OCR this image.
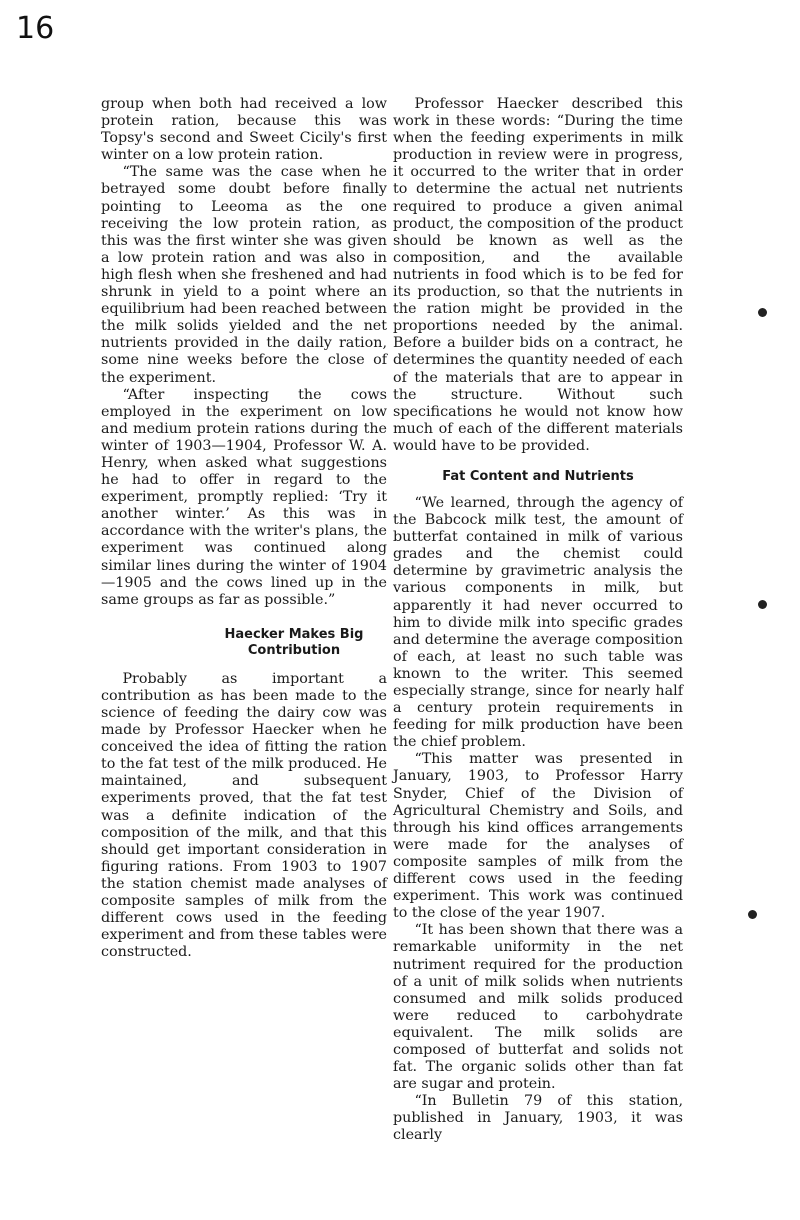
16

group when both had received a low protein ration, because this was Topsy's second and Sweet Cicily's first winter on a low protein ration.

“The same was the case when he betrayed some doubt before finally pointing to Leeoma as the one receiving the low protein ration, as this was the first winter she was given a low protein ration and was also in high flesh when she freshened and had shrunk in yield to a point where an equilibrium had been reached between the milk solids yielded and the net nutrients provided in the daily ration, some nine weeks before the close of the experiment.

“After inspecting the cows employed in the experiment on low and medium protein rations during the winter of 1903—1904, Professor W. A. Henry, when asked what suggestions he had to offer in regard to the experiment, promptly replied: ‘Try it another winter.’ As this was in accordance with the writer's plans, the experiment was continued along similar lines during the winter of 1904—1905 and the cows lined up in the same groups as far as possible.”

Haecker Makes Big Contribution

Probably as important a contribution as has been made to the science of feeding the dairy cow was made by Professor Haecker when he conceived the idea of fitting the ration to the fat test of the milk produced. He maintained, and subsequent experiments proved, that the fat test was a definite indication of the composition of the milk, and that this should get important consideration in figuring rations. From 1903 to 1907 the station chemist made analyses of composite samples of milk from the different cows used in the feeding experiment and from these tables were constructed.

Professor Haecker described this work in these words: “During the time when the feeding experiments in milk production in review were in progress, it occurred to the writer that in order to determine the actual net nutrients required to produce a given animal product, the composition of the product should be known as well as the composition, and the available nutrients in food which is to be fed for its production, so that the nutrients in the ration might be provided in the proportions needed by the animal. Before a builder bids on a contract, he determines the quantity needed of each of the materials that are to appear in the structure. Without such specifications he would not know how much of each of the different materials would have to be provided.

Fat Content and Nutrients

“We learned, through the agency of the Babcock milk test, the amount of butterfat contained in milk of various grades and the chemist could determine by gravimetric analysis the various components in milk, but apparently it had never occurred to him to divide milk into specific grades and determine the average composition of each, at least no such table was known to the writer. This seemed especially strange, since for nearly half a century protein requirements in feeding for milk production have been the chief problem.

“This matter was presented in January, 1903, to Professor Harry Snyder, Chief of the Division of Agricultural Chemistry and Soils, and through his kind offices arrangements were made for the analyses of composite samples of milk from the different cows used in the feeding experiment. This work was continued to the close of the year 1907.

“It has been shown that there was a remarkable uniformity in the net nutriment required for the production of a unit of milk solids when nutrients consumed and milk solids produced were reduced to carbohydrate equivalent. The milk solids are composed of butterfat and solids not fat. The organic solids other than fat are sugar and protein.

“In Bulletin 79 of this station, published in January, 1903, it was clearly
